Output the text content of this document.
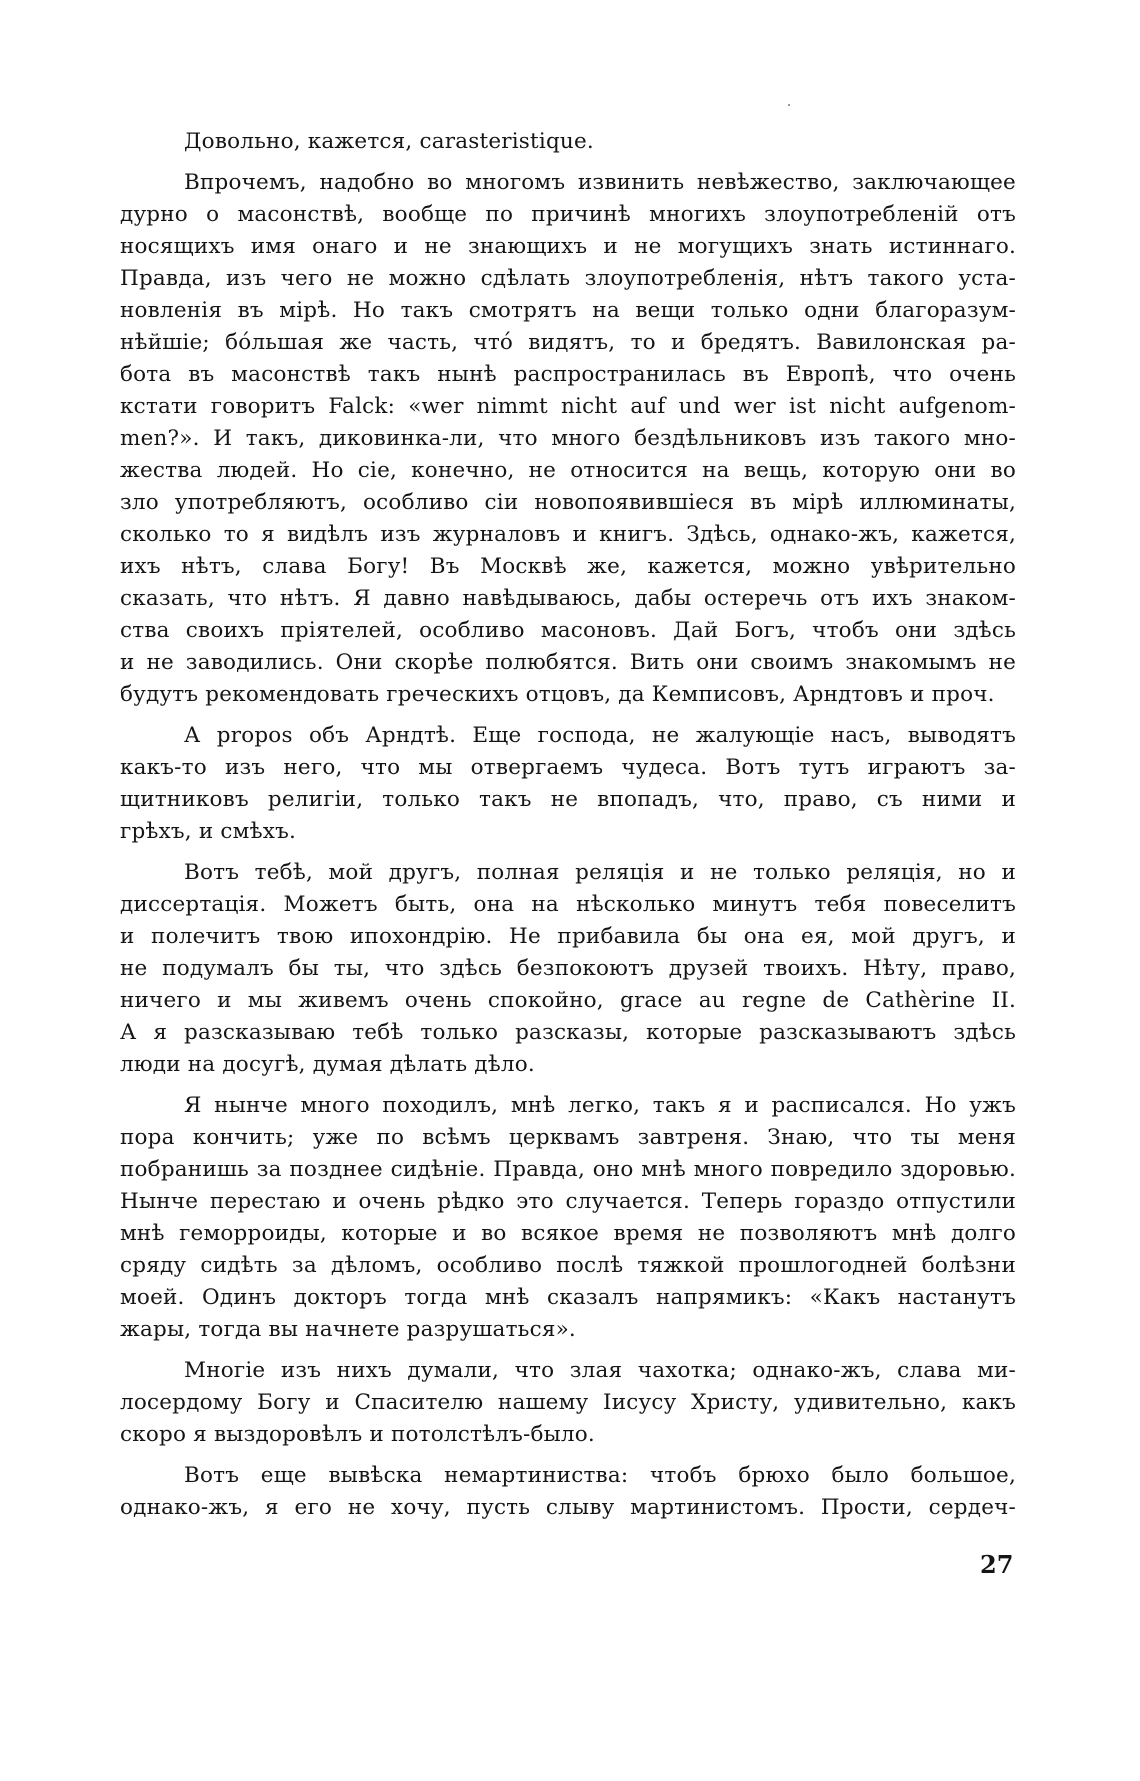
Довольно, кажется, carasteristique.
Впрочемъ, надобно во многомъ извинить невѣжество, заключающее
дурно о масонствѣ, вообще по причинѣ многихъ злоупотребленій отъ
носящихъ имя онаго и не знающихъ и не могущихъ знать истиннаго.
Правда, изъ чего не можно сдѣлать злоупотребленія, нѣтъ такого уста-
новленія въ мірѣ. Но такъ смотрятъ на вещи только одни благоразум-
нѣйшіе; бо́льшая же часть, что́ видятъ, то и бредятъ. Вавилонская ра-
бота въ масонствѣ такъ нынѣ распространилась въ Европѣ, что очень
кстати говоритъ Falck: «wer nimmt nicht auf und wer ist nicht aufgenom-
men?». И такъ, диковинка-ли, что много бездѣльниковъ изъ такого мно-
жества людей. Но сіе, конечно, не относится на вещь, которую они во
зло употребляютъ, особливо сіи новопоявившіеся въ мірѣ иллюминаты,
сколько то я видѣлъ изъ журналовъ и книгъ. Здѣсь, однако-жъ, кажется,
ихъ нѣтъ, слава Богу! Въ Москвѣ же, кажется, можно увѣрительно
сказать, что нѣтъ. Я давно навѣдываюсь, дабы остеречь отъ ихъ знаком-
ства своихъ пріятелей, особливо масоновъ. Дай Богъ, чтобъ они здѣсь
и не заводились. Они скорѣе полюбятся. Вить они своимъ знакомымъ не
будутъ рекомендовать греческихъ отцовъ, да Кемписовъ, Арндтовъ и проч.
А propos объ Арндтѣ. Еще господа, не жалующіе насъ, выводятъ
какъ-то изъ него, что мы отвергаемъ чудеса. Вотъ тутъ играютъ за-
щитниковъ религіи, только такъ не впопадъ, что, право, съ ними и
грѣхъ, и смѣхъ.
Вотъ тебѣ, мой другъ, полная реляція и не только реляція, но и
диссертація. Можетъ быть, она на нѣсколько минутъ тебя повеселитъ
и полечитъ твою ипохондрію. Не прибавила бы она ея, мой другъ, и
не подумалъ бы ты, что здѣсь безпокоютъ друзей твоихъ. Нѣту, право,
ничего и мы живемъ очень спокойно, grace au regne de Cathèrine II.
А я разсказываю тебѣ только разсказы, которые разсказываютъ здѣсь
люди на досугѣ, думая дѣлать дѣло.
Я нынче много походилъ, мнѣ легко, такъ я и расписался. Но ужъ
пора кончить; уже по всѣмъ церквамъ завтреня. Знаю, что ты меня
побранишь за позднее сидѣніе. Правда, оно мнѣ много повредило здоровью.
Нынче перестаю и очень рѣдко это случается. Теперь гораздо отпустили
мнѣ геморроиды, которые и во всякое время не позволяютъ мнѣ долго
сряду сидѣть за дѣломъ, особливо послѣ тяжкой прошлогодней болѣзни
моей. Одинъ докторъ тогда мнѣ сказалъ напрямикъ: «Какъ настанутъ
жары, тогда вы начнете разрушаться».
Многіе изъ нихъ думали, что злая чахотка; однако-жъ, слава ми-
лосердому Богу и Спасителю нашему Іисусу Христу, удивительно, какъ
скоро я выздоровѣлъ и потолстѣлъ-было.
Вотъ еще вывѣска немартиниства: чтобъ брюхо было большое,
однако-жъ, я его не хочу, пусть слыву мартинистомъ. Прости, сердеч-
27
